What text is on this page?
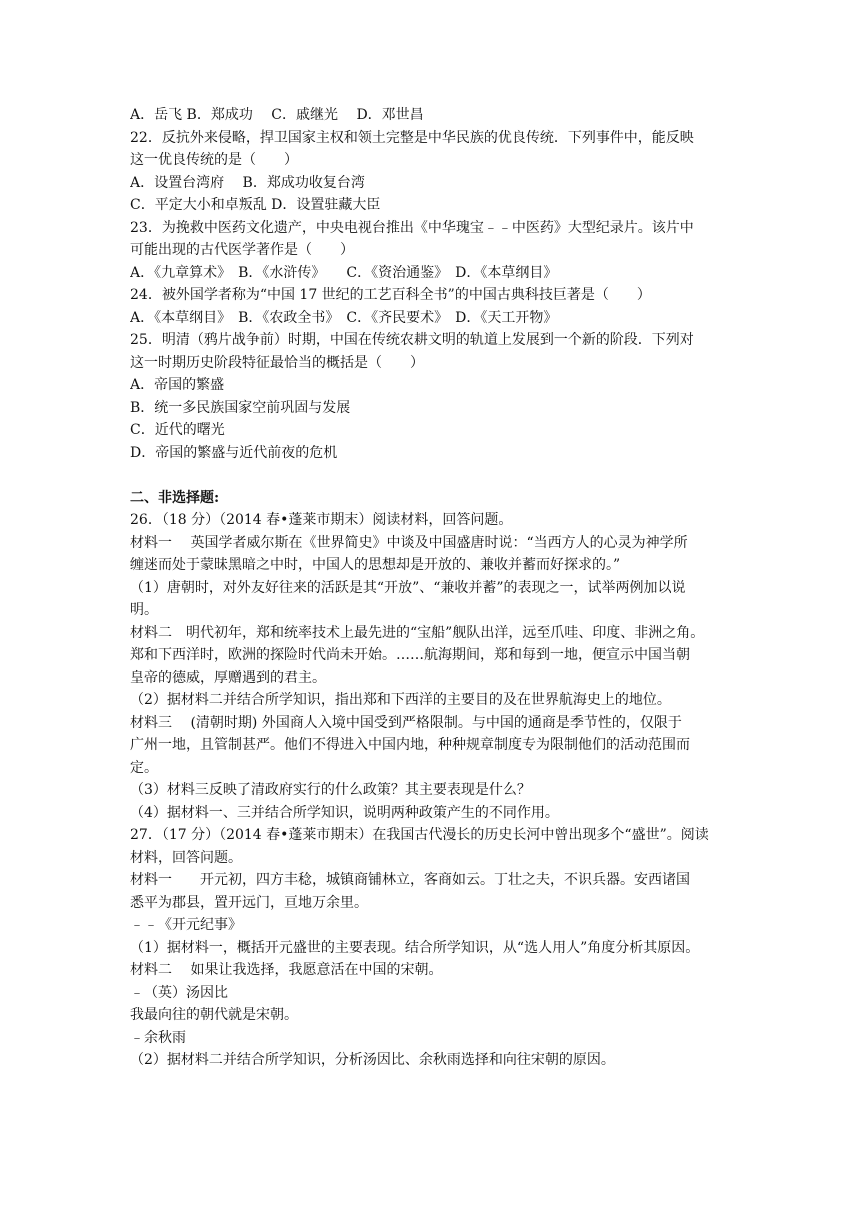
A．岳飞 B．郑成功　 C．戚继光　 D．邓世昌
22．反抗外来侵略，捍卫国家主权和领土完整是中华民族的优良传统．下列事件中，能反映
这一优良传统的是（　　）
A．设置台湾府　 B．郑成功收复台湾
C．平定大小和卓叛乱 D．设置驻藏大臣
23．为挽救中医药文化遗产，中央电视台推出《中华瑰宝﹣﹣中医药》大型纪录片。该片中
可能出现的古代医学著作是（　　）
A．《九章算术》　B．《水浒传》　　C．《资治通鉴》　D．《本草纲目》
24．被外国学者称为“中国 17 世纪的工艺百科全书”的中国古典科技巨著是（　　）
A．《本草纲目》　B．《农政全书》　C．《齐民要术》　D．《天工开物》
25．明清（鸦片战争前）时期，中国在传统农耕文明的轨道上发展到一个新的阶段．下列对
这一时期历史阶段特征最恰当的概括是（　　）
A．帝国的繁盛
B．统一多民族国家空前巩固与发展
C．近代的曙光
D．帝国的繁盛与近代前夜的危机
二、非选择题:
26．（18 分）（2014 春•蓬莱市期末）阅读材料，回答问题。
材料一　 英国学者威尔斯在《世界简史》中谈及中国盛唐时说：“当西方人的心灵为神学所
缠迷而处于蒙昧黑暗之中时，中国人的思想却是开放的、兼收并蓄而好探求的。”
（1）唐朝时，对外友好往来的活跃是其“开放”、“兼收并蓄”的表现之一，试举两例加以说
明。
材料二　明代初年，郑和统率技术上最先进的“宝船”舰队出洋，远至爪哇、印度、非洲之角。
郑和下西洋时，欧洲的探险时代尚未开始。……航海期间，郑和每到一地，便宣示中国当朝
皇帝的德威，厚赠遇到的君主。
（2）据材料二并结合所学知识，指出郑和下西洋的主要目的及在世界航海史上的地位。
材料三　 (清朝时期) 外国商人入境中国受到严格限制。与中国的通商是季节性的，仅限于
广州一地，且管制甚严。他们不得进入中国内地，种种规章制度专为限制他们的活动范围而
定。
（3）材料三反映了清政府实行的什么政策？其主要表现是什么？
（4）据材料一、三并结合所学知识，说明两种政策产生的不同作用。
27．（17 分）（2014 春•蓬莱市期末）在我国古代漫长的历史长河中曾出现多个“盛世”。阅读
材料，回答问题。
材料一　　开元初，四方丰稔，城镇商铺林立，客商如云。丁壮之夫，不识兵器。安西诸国
悉平为郡县，置开远门，亘地万余里。
﹣﹣《开元纪事》
（1）据材料一，概括开元盛世的主要表现。结合所学知识，从“选人用人”角度分析其原因。
材料二　 如果让我选择，我愿意活在中国的宋朝。
﹣（英）汤因比
我最向往的朝代就是宋朝。
﹣余秋雨
（2）据材料二并结合所学知识，分析汤因比、余秋雨选择和向往宋朝的原因。
